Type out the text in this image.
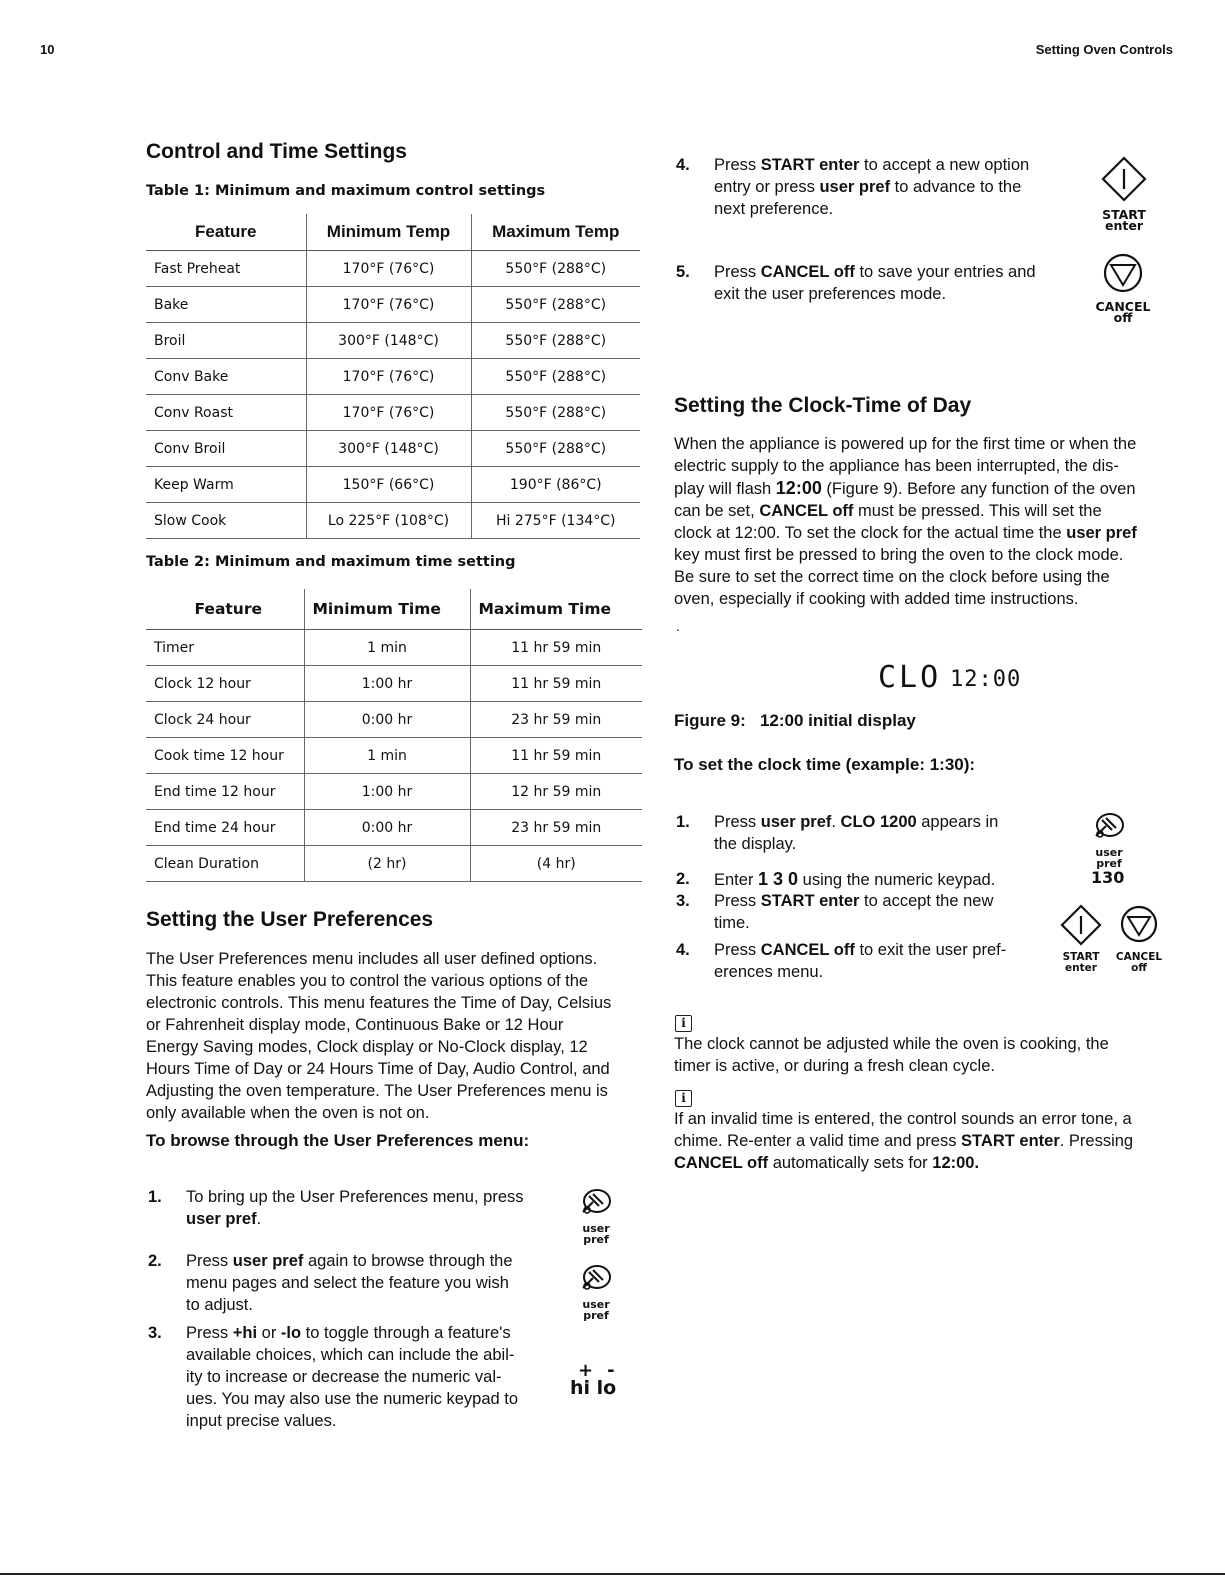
10	Setting Oven Controls
Control and Time Settings
Table 1: Minimum and maximum control settings
Feature	Minimum Temp	Maximum Temp
Fast Preheat	170°F (76°C)	550°F (288°C)
Bake	170°F (76°C)	550°F (288°C)
Broil	300°F (148°C)	550°F (288°C)
Conv Bake	170°F (76°C)	550°F (288°C)
Conv Roast	170°F (76°C)	550°F (288°C)
Conv Broil	300°F (148°C)	550°F (288°C)
Keep Warm	150°F (66°C)	190°F (86°C)
Slow Cook	Lo 225°F (108°C)	Hi 275°F (134°C)
Table 2: Minimum and maximum time setting
Feature	Minimum Time	Maximum Time
Timer	1 min	11 hr 59 min
Clock 12 hour	1:00 hr	11 hr 59 min
Clock 24 hour	0:00 hr	23 hr 59 min
Cook time 12 hour	1 min	11 hr 59 min
End time 12 hour	1:00 hr	12 hr 59 min
End time 24 hour	0:00 hr	23 hr 59 min
Clean Duration	(2 hr)	(4 hr)
Setting the User Preferences
The User Preferences menu includes all user defined options.
This feature enables you to control the various options of the
electronic controls. This menu features the Time of Day, Celsius
or Fahrenheit display mode, Continuous Bake or 12 Hour
Energy Saving modes, Clock display or No-Clock display, 12
Hours Time of Day or 24 Hours Time of Day, Audio Control, and
Adjusting the oven temperature. The User Preferences menu is
only available when the oven is not on.
To browse through the User Preferences menu:
1. To bring up the User Preferences menu, press
user pref.
2. Press user pref again to browse through the
menu pages and select the feature you wish
to adjust.
3. Press +hi or -lo to toggle through a feature's
available choices, which can include the abil-
ity to increase or decrease the numeric val-
ues. You may also use the numeric keypad to
input precise values.
user
pref
user
pref
+-
hi lo
4. Press START enter to accept a new option
entry or press user pref to advance to the
next preference.
5. Press CANCEL off to save your entries and
exit the user preferences mode.
START
enter
CANCEL
off
Setting the Clock-Time of Day
When the appliance is powered up for the first time or when the
electric supply to the appliance has been interrupted, the dis-
play will flash 12:00 (Figure 9). Before any function of the oven
can be set, CANCEL off must be pressed. This will set the
clock at 12:00. To set the clock for the actual time the user pref
key must first be pressed to bring the oven to the clock mode.
Be sure to set the correct time on the clock before using the
oven, especially if cooking with added time instructions.
.
CLO 12:00
Figure 9:   12:00 initial display
To set the clock time (example: 1:30):
1. Press user pref. CLO 1200 appears in
the display.
2. Enter 1 3 0 using the numeric keypad.
3. Press START enter to accept the new
time.
4. Press CANCEL off to exit the user pref-
erences menu.
user
pref
130
START
enter
CANCEL
off
i
The clock cannot be adjusted while the oven is cooking, the
timer is active, or during a fresh clean cycle.
i
If an invalid time is entered, the control sounds an error tone, a
chime. Re-enter a valid time and press START enter. Pressing
CANCEL off automatically sets for 12:00.
